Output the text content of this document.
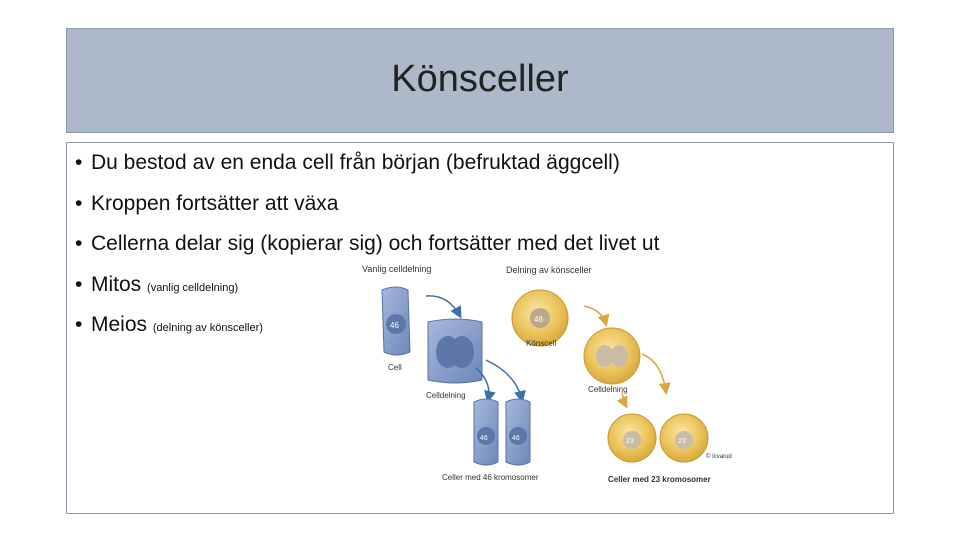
Könsceller
• Du bestod av en enda cell från början (befruktad äggcell)
• Kroppen fortsätter att växa
• Cellerna delar sig (kopierar sig) och fortsätter med det livet ut
• Mitos (vanlig celldelning)
• Meios (delning av könsceller)
Vanlig celldelning	Delning av könsceller
46
Cell
Celldelning
46	46
Celler med 46 kromosomer
46
Könscell
Celldelning
23	23
© Icvarud
Celler med 23 kromosomer
